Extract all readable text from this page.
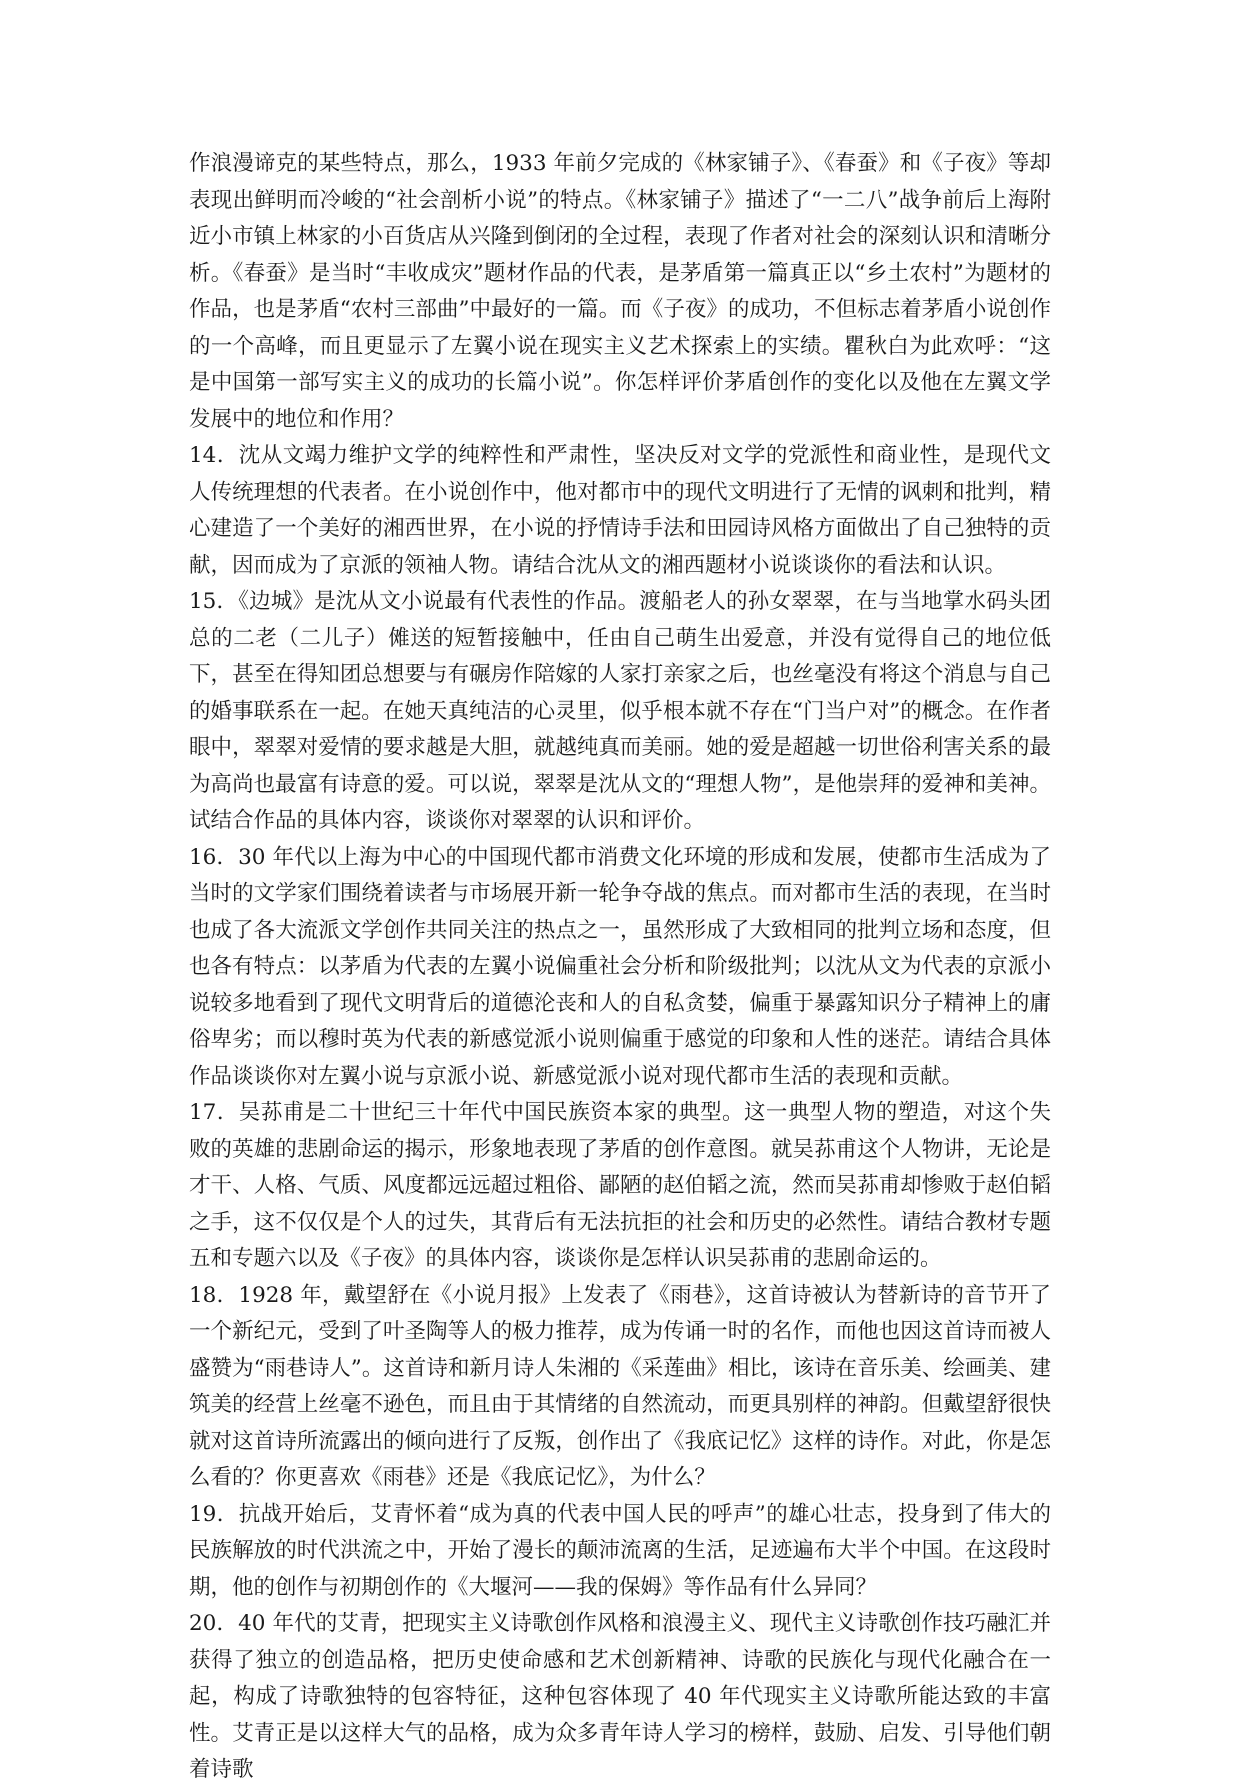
作浪漫谛克的某些特点，那么，1933 年前夕完成的《林家铺子》、《春蚕》和《子夜》等却表现出鲜明而冷峻的“社会剖析小说”的特点。《林家铺子》描述了“一二八”战争前后上海附近小市镇上林家的小百货店从兴隆到倒闭的全过程，表现了作者对社会的深刻认识和清晰分析。《春蚕》是当时“丰收成灾”题材作品的代表，是茅盾第一篇真正以“乡土农村”为题材的作品，也是茅盾“农村三部曲”中最好的一篇。而《子夜》的成功，不但标志着茅盾小说创作的一个高峰，而且更显示了左翼小说在现实主义艺术探索上的实绩。瞿秋白为此欢呼：“这是中国第一部写实主义的成功的长篇小说”。你怎样评价茅盾创作的变化以及他在左翼文学发展中的地位和作用？

14．沈从文竭力维护文学的纯粹性和严肃性，坚决反对文学的党派性和商业性，是现代文人传统理想的代表者。在小说创作中，他对都市中的现代文明进行了无情的讽刺和批判，精心建造了一个美好的湘西世界，在小说的抒情诗手法和田园诗风格方面做出了自己独特的贡献，因而成为了京派的领袖人物。请结合沈从文的湘西题材小说谈谈你的看法和认识。

15．《边城》是沈从文小说最有代表性的作品。渡船老人的孙女翠翠，在与当地掌水码头团总的二老（二儿子）傩送的短暂接触中，任由自己萌生出爱意，并没有觉得自己的地位低下，甚至在得知团总想要与有碾房作陪嫁的人家打亲家之后，也丝毫没有将这个消息与自己的婚事联系在一起。在她天真纯洁的心灵里，似乎根本就不存在“门当户对”的概念。在作者眼中，翠翠对爱情的要求越是大胆，就越纯真而美丽。她的爱是超越一切世俗利害关系的最为高尚也最富有诗意的爱。可以说，翠翠是沈从文的“理想人物”，是他崇拜的爱神和美神。试结合作品的具体内容，谈谈你对翠翠的认识和评价。

16．30 年代以上海为中心的中国现代都市消费文化环境的形成和发展，使都市生活成为了当时的文学家们围绕着读者与市场展开新一轮争夺战的焦点。而对都市生活的表现，在当时也成了各大流派文学创作共同关注的热点之一，虽然形成了大致相同的批判立场和态度，但也各有特点：以茅盾为代表的左翼小说偏重社会分析和阶级批判；以沈从文为代表的京派小说较多地看到了现代文明背后的道德沦丧和人的自私贪婪，偏重于暴露知识分子精神上的庸俗卑劣；而以穆时英为代表的新感觉派小说则偏重于感觉的印象和人性的迷茫。请结合具体作品谈谈你对左翼小说与京派小说、新感觉派小说对现代都市生活的表现和贡献。

17．吴荪甫是二十世纪三十年代中国民族资本家的典型。这一典型人物的塑造，对这个失败的英雄的悲剧命运的揭示，形象地表现了茅盾的创作意图。就吴荪甫这个人物讲，无论是才干、人格、气质、风度都远远超过粗俗、鄙陋的赵伯韬之流，然而吴荪甫却惨败于赵伯韬之手，这不仅仅是个人的过失，其背后有无法抗拒的社会和历史的必然性。请结合教材专题五和专题六以及《子夜》的具体内容，谈谈你是怎样认识吴荪甫的悲剧命运的。

18．1928 年，戴望舒在《小说月报》上发表了《雨巷》，这首诗被认为替新诗的音节开了一个新纪元，受到了叶圣陶等人的极力推荐，成为传诵一时的名作，而他也因这首诗而被人盛赞为“雨巷诗人”。这首诗和新月诗人朱湘的《采莲曲》相比，该诗在音乐美、绘画美、建筑美的经营上丝毫不逊色，而且由于其情绪的自然流动，而更具别样的神韵。但戴望舒很快就对这首诗所流露出的倾向进行了反叛，创作出了《我底记忆》这样的诗作。对此，你是怎么看的？你更喜欢《雨巷》还是《我底记忆》，为什么？

19．抗战开始后，艾青怀着“成为真的代表中国人民的呼声”的雄心壮志，投身到了伟大的民族解放的时代洪流之中，开始了漫长的颠沛流离的生活，足迹遍布大半个中国。在这段时期，他的创作与初期创作的《大堰河——我的保姆》等作品有什么异同？

20．40 年代的艾青，把现实主义诗歌创作风格和浪漫主义、现代主义诗歌创作技巧融汇并获得了独立的创造品格，把历史使命感和艺术创新精神、诗歌的民族化与现代化融合在一起，构成了诗歌独特的包容特征，这种包容体现了 40 年代现实主义诗歌所能达致的丰富性。艾青正是以这样大气的品格，成为众多青年诗人学习的榜样，鼓励、启发、引导他们朝着诗歌
